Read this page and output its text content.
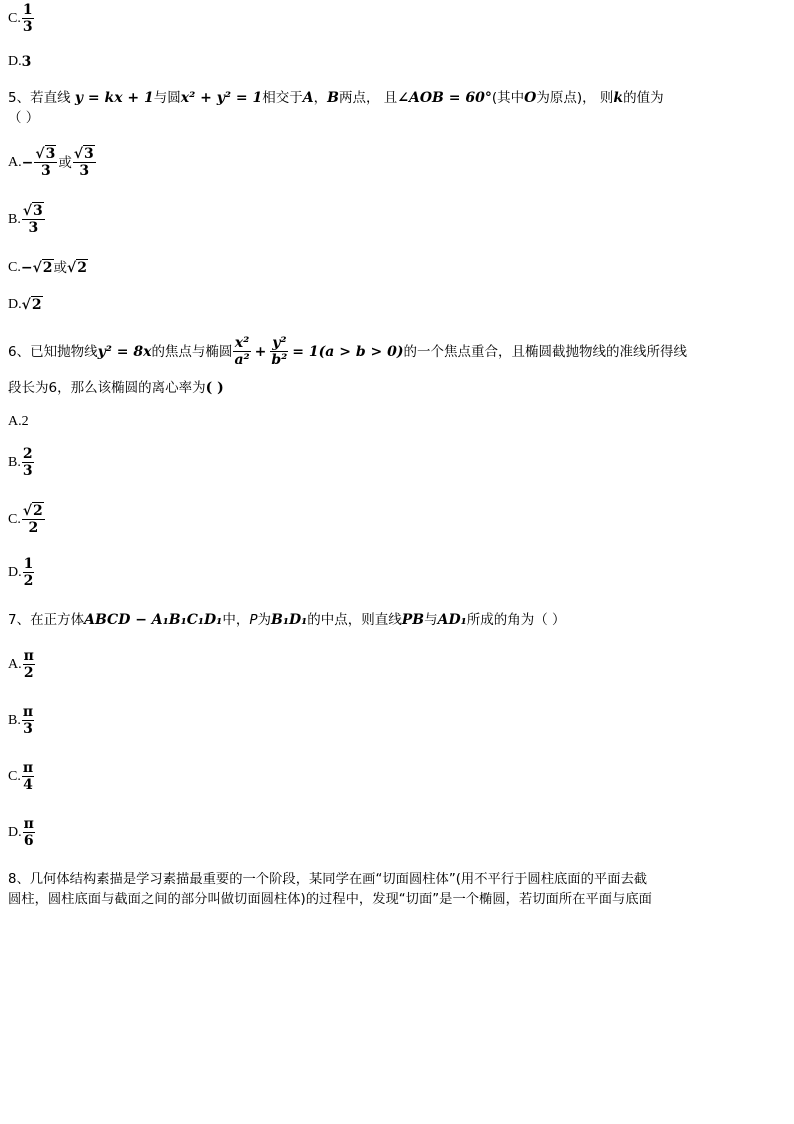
C. $\frac{1}{3}$
D. 3
5、若直线 y = kx + 1与圆x² + y² = 1相交于A，B两点， 且∠AOB = 60°(其中O为原点)， 则k的值为
（ ）
A. − $\frac{√3}{3}$ 或 $\frac{√3}{3}$
B. $\frac{√3}{3}$
C. − √2 或 √2
D. √2
6、 已知抛物线 y² = 8x 的焦点与椭圆 $\frac{\text{x²}}{\text{a²}} + \frac{\text{y²}}{\text{b²}} = 1(a > b > 0)$ 的一个焦点重合，且椭圆截抛物线的准线所得线
段长为6，那么该椭圆的离心率为( )
A. 2
B. $\frac{2}{3}$
C. $\frac{√2}{2}$
D. $\frac{1}{2}$
7、在正方体ABCD − A₁B₁C₁D₁中，P为B₁D₁的中点，则直线PB与AD₁所成的角为（ ）
A. $\frac{\pi}{2}$
B. $\frac{\pi}{3}$
C. $\frac{\pi}{4}$
D. $\frac{\pi}{6}$
8、几何体结构素描是学习素描最重要的一个阶段，某同学在画“切面圆柱体”(用不平行于圆柱底面的平面去截
圆柱，圆柱底面与截面之间的部分叫做切面圆柱体)的过程中，发现“切面”是一个椭圆，若切面所在平面与底面
